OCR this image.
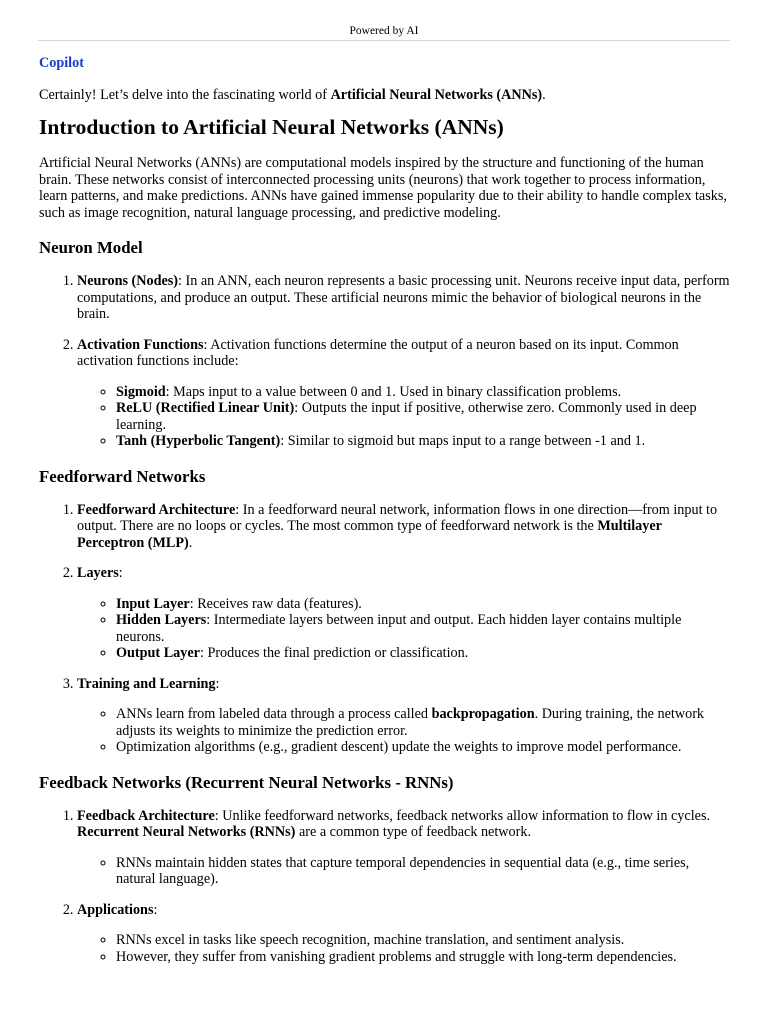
Powered by AI
Copilot

Certainly! Let’s delve into the fascinating world of Artificial Neural Networks (ANNs).

Introduction to Artificial Neural Networks (ANNs)

Artificial Neural Networks (ANNs) are computational models inspired by the structure and functioning of the human brain. These networks consist of interconnected processing units (neurons) that work together to process information, learn patterns, and make predictions. ANNs have gained immense popularity due to their ability to handle complex tasks, such as image recognition, natural language processing, and predictive modeling.

Neuron Model
1. Neurons (Nodes): In an ANN, each neuron represents a basic processing unit. Neurons receive input data, perform computations, and produce an output. These artificial neurons mimic the behavior of biological neurons in the brain.
2. Activation Functions: Activation functions determine the output of a neuron based on its input. Common activation functions include:
◦ Sigmoid: Maps input to a value between 0 and 1. Used in binary classification problems.
◦ ReLU (Rectified Linear Unit): Outputs the input if positive, otherwise zero. Commonly used in deep learning.
◦ Tanh (Hyperbolic Tangent): Similar to sigmoid but maps input to a range between -1 and 1.
Feedforward Networks
1. Feedforward Architecture: In a feedforward neural network, information flows in one direction—from input to output. There are no loops or cycles. The most common type of feedforward network is the Multilayer Perceptron (MLP).
2. Layers:
◦ Input Layer: Receives raw data (features).
◦ Hidden Layers: Intermediate layers between input and output. Each hidden layer contains multiple neurons.
◦ Output Layer: Produces the final prediction or classification.
3. Training and Learning:
◦ ANNs learn from labeled data through a process called backpropagation. During training, the network adjusts its weights to minimize the prediction error.
◦ Optimization algorithms (e.g., gradient descent) update the weights to improve model performance.
Feedback Networks (Recurrent Neural Networks - RNNs)
1. Feedback Architecture: Unlike feedforward networks, feedback networks allow information to flow in cycles. Recurrent Neural Networks (RNNs) are a common type of feedback network.
◦ RNNs maintain hidden states that capture temporal dependencies in sequential data (e.g., time series, natural language).
2. Applications:
◦ RNNs excel in tasks like speech recognition, machine translation, and sentiment analysis.
◦ However, they suffer from vanishing gradient problems and struggle with long-term dependencies.
